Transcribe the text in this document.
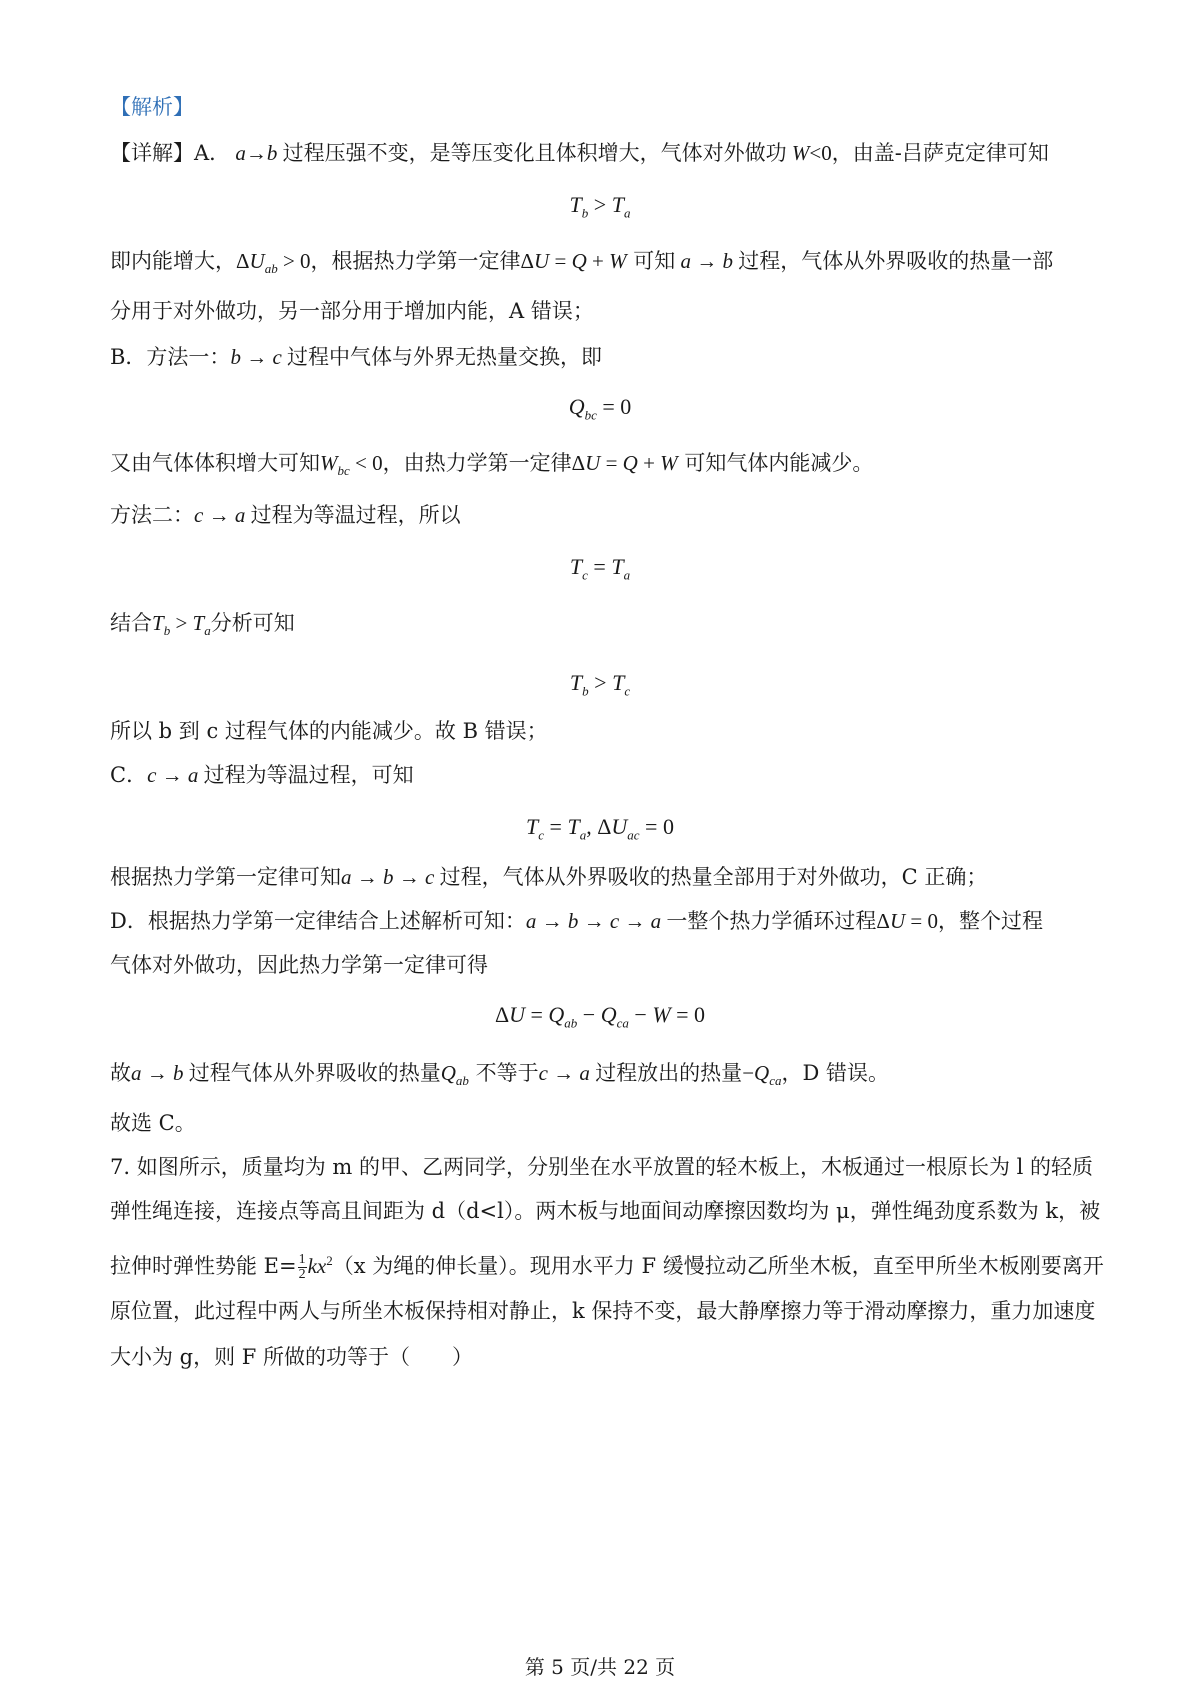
【解析】
【详解】A． a→b 过程压强不变，是等压变化且体积增大，气体对外做功 W<0，由盖-吕萨克定律可知
$T_b > T_a$
即内能增大，$\Delta U_{ab} > 0$，根据热力学第一定律ΔU = Q + W 可知 a → b 过程，气体从外界吸收的热量一部
分用于对外做功，另一部分用于增加内能，A 错误；
B．方法一：b → c 过程中气体与外界无热量交换，即
$Q_{bc} = 0$
又由气体体积增大可知$W_{bc} < 0$，由热力学第一定律ΔU = Q + W 可知气体内能减少。
方法二：c → a 过程为等温过程，所以
$T_c = T_a$
结合$T_b > T_a$分析可知
$T_b > T_c$
所以 b 到 c 过程气体的内能减少。故 B 错误；
C．c → a 过程为等温过程，可知
$T_c = T_a$, $\Delta U_{ac} = 0$
根据热力学第一定律可知a → b → c 过程，气体从外界吸收的热量全部用于对外做功，C 正确；
D．根据热力学第一定律结合上述解析可知：a → b → c → a 一整个热力学循环过程ΔU = 0，整个过程
气体对外做功，因此热力学第一定律可得
$\Delta U = Q_{ab} - Q_{ca} - W = 0$
故a → b 过程气体从外界吸收的热量$Q_{ab}$ 不等于c → a 过程放出的热量$-Q_{ca}$，D 错误。
故选 C。
7. 如图所示，质量均为 m 的甲、乙两同学，分别坐在水平放置的轻木板上，木板通过一根原长为 l 的轻质
弹性绳连接，连接点等高且间距为 d（d<l）。两木板与地面间动摩擦因数均为 μ，弹性绳劲度系数为 k，被
拉伸时弹性势能 $E= \frac{1}{2} kx^2(x$ 为绳的伸长量）。现用水平力 F 缓慢拉动乙所坐木板，直至甲所坐木板刚要离开
原位置，此过程中两人与所坐木板保持相对静止，k 保持不变，最大静摩擦力等于滑动摩擦力，重力加速度
大小为 g，则 F 所做的功等于（　　）
第 5 页/共 22 页
